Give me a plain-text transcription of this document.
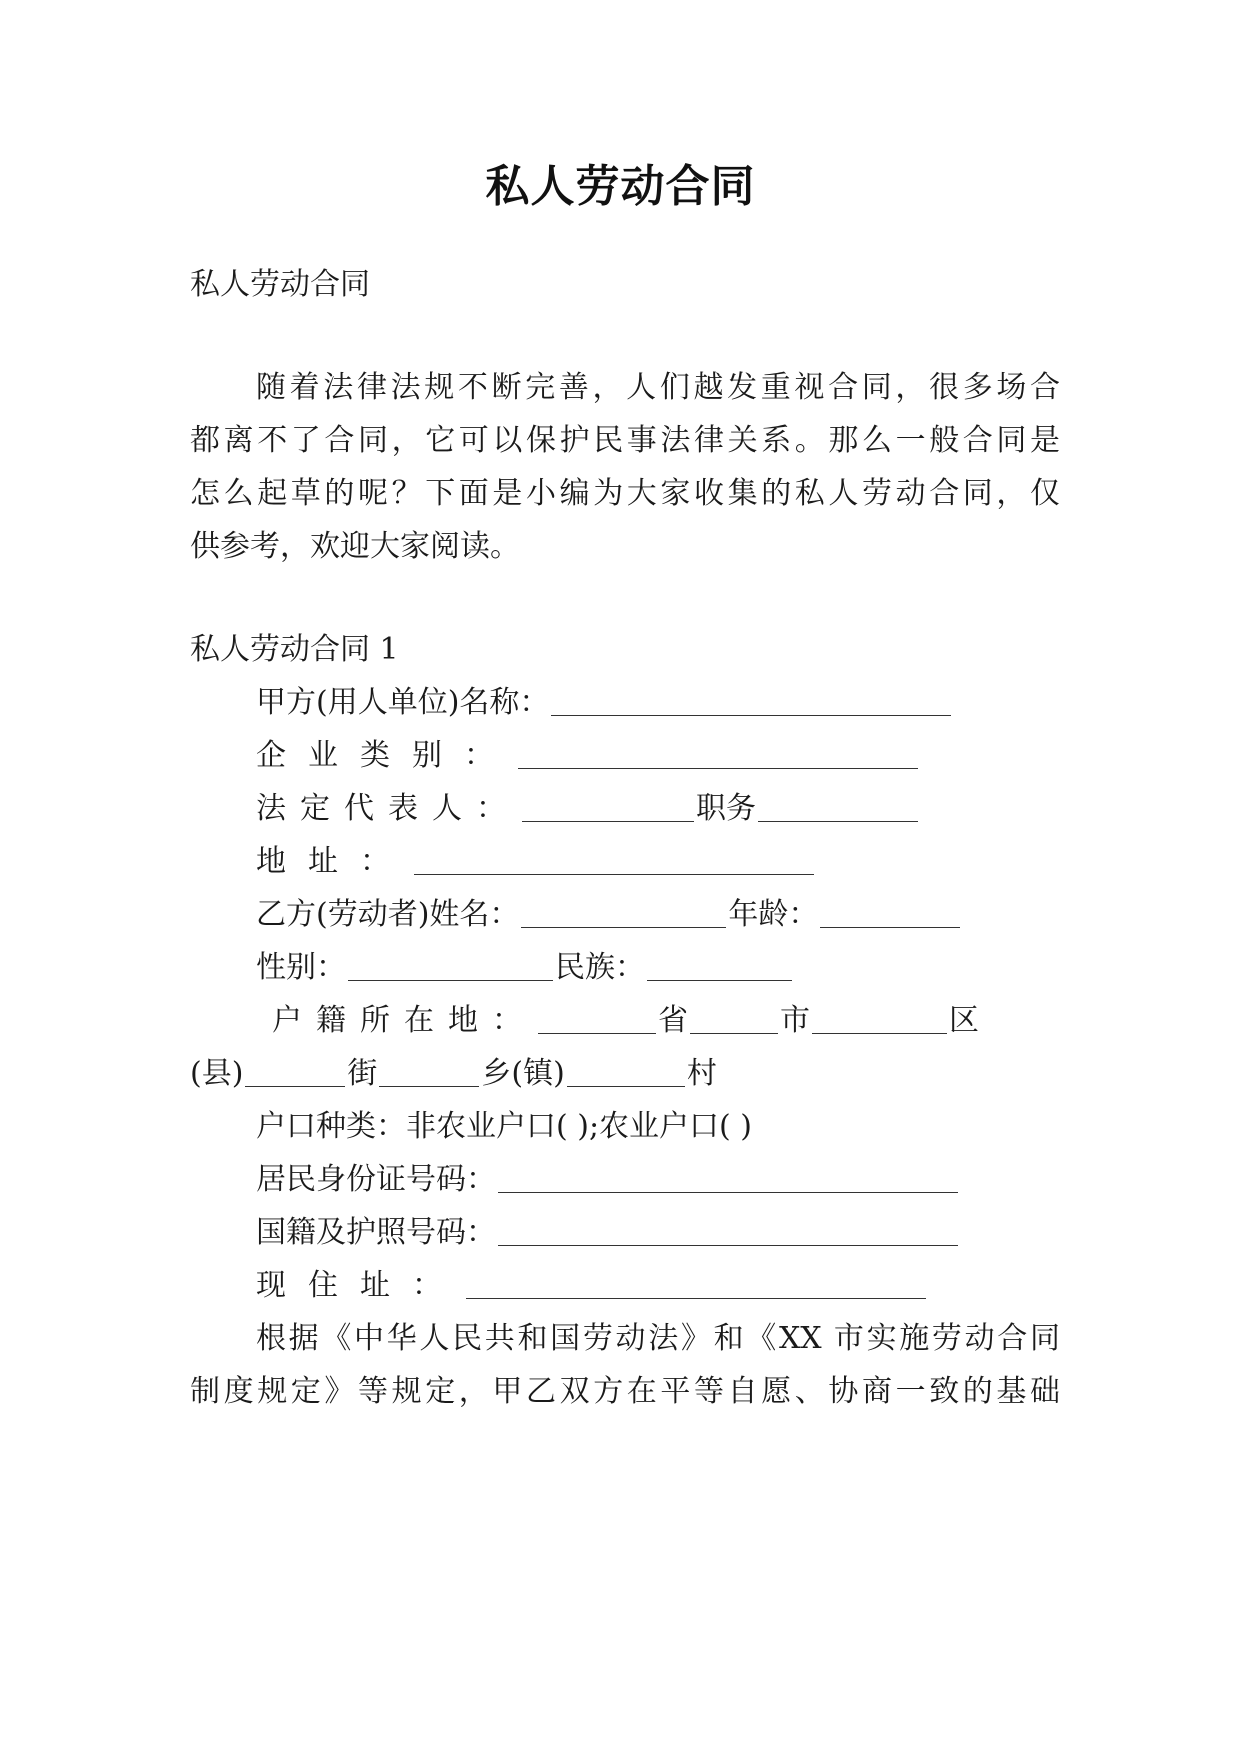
私人劳动合同
私人劳动合同
随着法律法规不断完善，人们越发重视合同，很多场合
都离不了合同，它可以保护民事法律关系。那么一般合同是
怎么起草的呢？下面是小编为大家收集的私人劳动合同，仅
供参考，欢迎大家阅读。
私人劳动合同 1
甲方(用人单位)名称：
企业类别：
法定代表人：	职务
地址：
乙方(劳动者)姓名：	年龄：
性别：	民族：
户籍所在地：	省	市	区
(县)	街	乡(镇)	村
户口种类：非农业户口( );农业户口( )
居民身份证号码：
国籍及护照号码：
现住址：
根据《中华人民共和国劳动法》和《XX 市实施劳动合同
制度规定》等规定，甲乙双方在平等自愿、协商一致的基础
